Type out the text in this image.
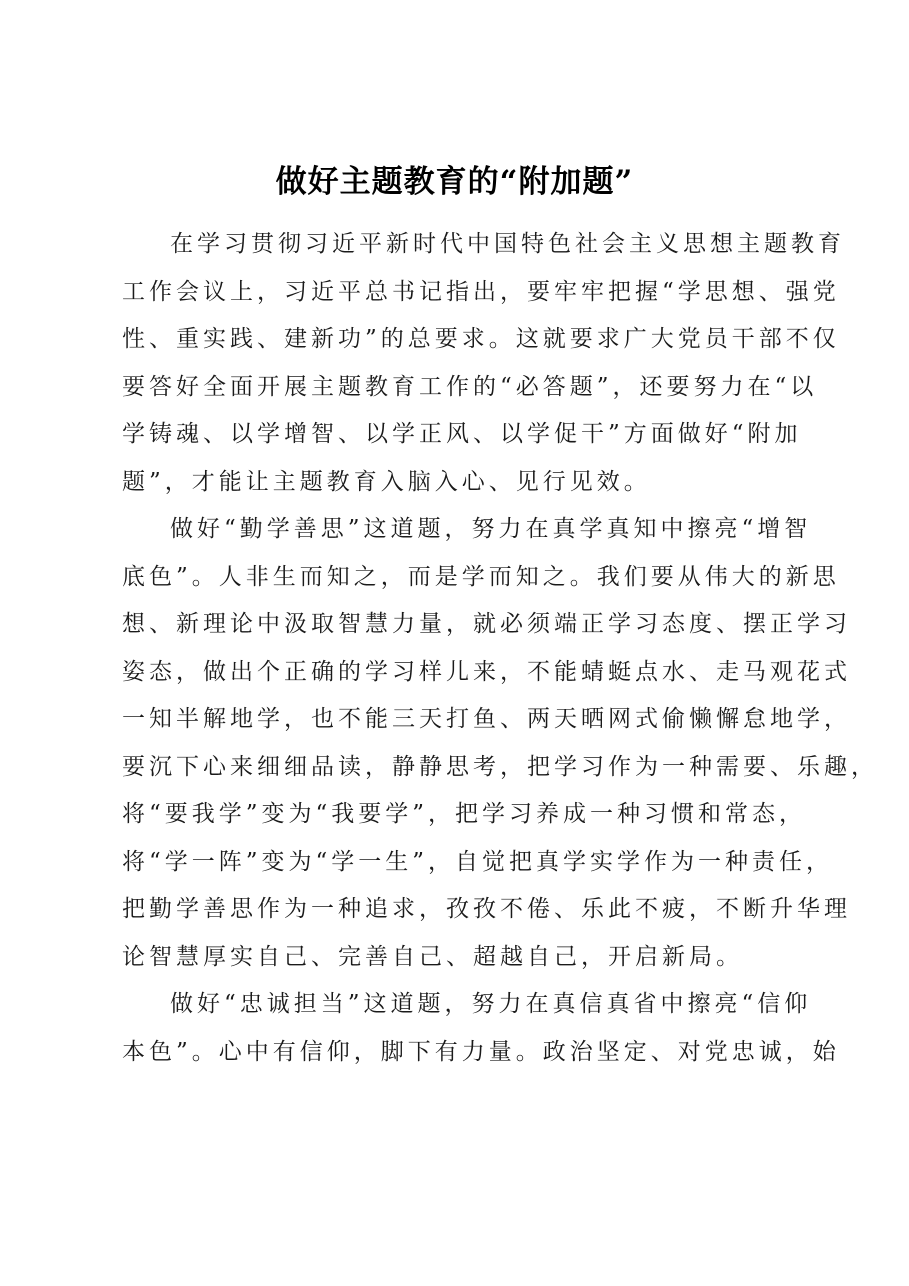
做好主题教育的“附加题”
在学习贯彻习近平新时代中国特色社会主义思想主题教育
工作会议上，习近平总书记指出，要牢牢把握“学思想、强党
性、重实践、建新功”的总要求。这就要求广大党员干部不仅
要答好全面开展主题教育工作的“必答题”，还要努力在“以
学铸魂、以学增智、以学正风、以学促干”方面做好“附加
题”，才能让主题教育入脑入心、见行见效。
做好“勤学善思”这道题，努力在真学真知中擦亮“增智
底色”。人非生而知之，而是学而知之。我们要从伟大的新思
想、新理论中汲取智慧力量，就必须端正学习态度、摆正学习
姿态，做出个正确的学习样儿来，不能蜻蜓点水、走马观花式
一知半解地学，也不能三天打鱼、两天晒网式偷懒懈怠地学，
要沉下心来细细品读，静静思考，把学习作为一种需要、乐趣，
将“要我学”变为“我要学”，把学习养成一种习惯和常态，
将“学一阵”变为“学一生”，自觉把真学实学作为一种责任，
把勤学善思作为一种追求，孜孜不倦、乐此不疲，不断升华理
论智慧厚实自己、完善自己、超越自己，开启新局。
做好“忠诚担当”这道题，努力在真信真省中擦亮“信仰
本色”。心中有信仰，脚下有力量。政治坚定、对党忠诚，始
